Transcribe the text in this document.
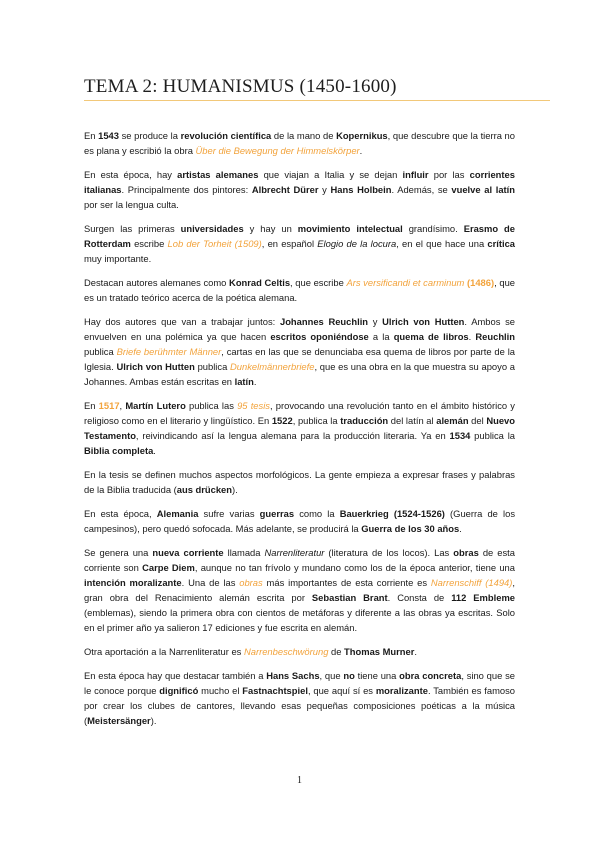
TEMA 2: HUMANISMUS (1450-1600)

En 1543 se produce la revolución científica de la mano de Kopernikus, que descubre que la tierra no es plana y escribió la obra Über die Bewegung der Himmelskörper.

En esta época, hay artistas alemanes que viajan a Italia y se dejan influir por las corrientes italianas. Principalmente dos pintores: Albrecht Dürer y Hans Holbein. Además, se vuelve al latín por ser la lengua culta.

Surgen las primeras universidades y hay un movimiento intelectual grandísimo. Erasmo de Rotterdam escribe Lob der Torheit (1509), en español Elogio de la locura, en el que hace una crítica muy importante.

Destacan autores alemanes como Konrad Celtis, que escribe Ars versificandi et carminum (1486), que es un tratado teórico acerca de la poética alemana.

Hay dos autores que van a trabajar juntos: Johannes Reuchlin y Ulrich von Hutten. Ambos se envuelven en una polémica ya que hacen escritos oponiéndose a la quema de libros. Reuchlin publica Briefe berühmter Männer, cartas en las que se denunciaba esa quema de libros por parte de la Iglesia. Ulrich von Hutten publica Dunkelmännerbriefe, que es una obra en la que muestra su apoyo a Johannes. Ambas están escritas en latín.

En 1517, Martín Lutero publica las 95 tesis, provocando una revolución tanto en el ámbito histórico y religioso como en el literario y lingüístico. En 1522, publica la traducción del latín al alemán del Nuevo Testamento, reivindicando así la lengua alemana para la producción literaria. Ya en 1534 publica la Biblia completa.

En la tesis se definen muchos aspectos morfológicos. La gente empieza a expresar frases y palabras de la Biblia traducida (aus drücken).

En esta época, Alemania sufre varias guerras como la Bauerkrieg (1524-1526) (Guerra de los campesinos), pero quedó sofocada. Más adelante, se producirá la Guerra de los 30 años.

Se genera una nueva corriente llamada Narrenliteratur (literatura de los locos). Las obras de esta corriente son Carpe Diem, aunque no tan frívolo y mundano como los de la época anterior, tiene una intención moralizante. Una de las obras más importantes de esta corriente es Narrenschiff (1494), gran obra del Renacimiento alemán escrita por Sebastian Brant. Consta de 112 Embleme (emblemas), siendo la primera obra con cientos de metáforas y diferente a las obras ya escritas. Solo en el primer año ya salieron 17 ediciones y fue escrita en alemán.

Otra aportación a la Narrenliteratur es Narrenbeschwörung de Thomas Murner.

En esta época hay que destacar también a Hans Sachs, que no tiene una obra concreta, sino que se le conoce porque dignificó mucho el Fastnachtspiel, que aquí sí es moralizante. También es famoso por crear los clubes de cantores, llevando esas pequeñas composiciones poéticas a la música (Meistersänger).

1
